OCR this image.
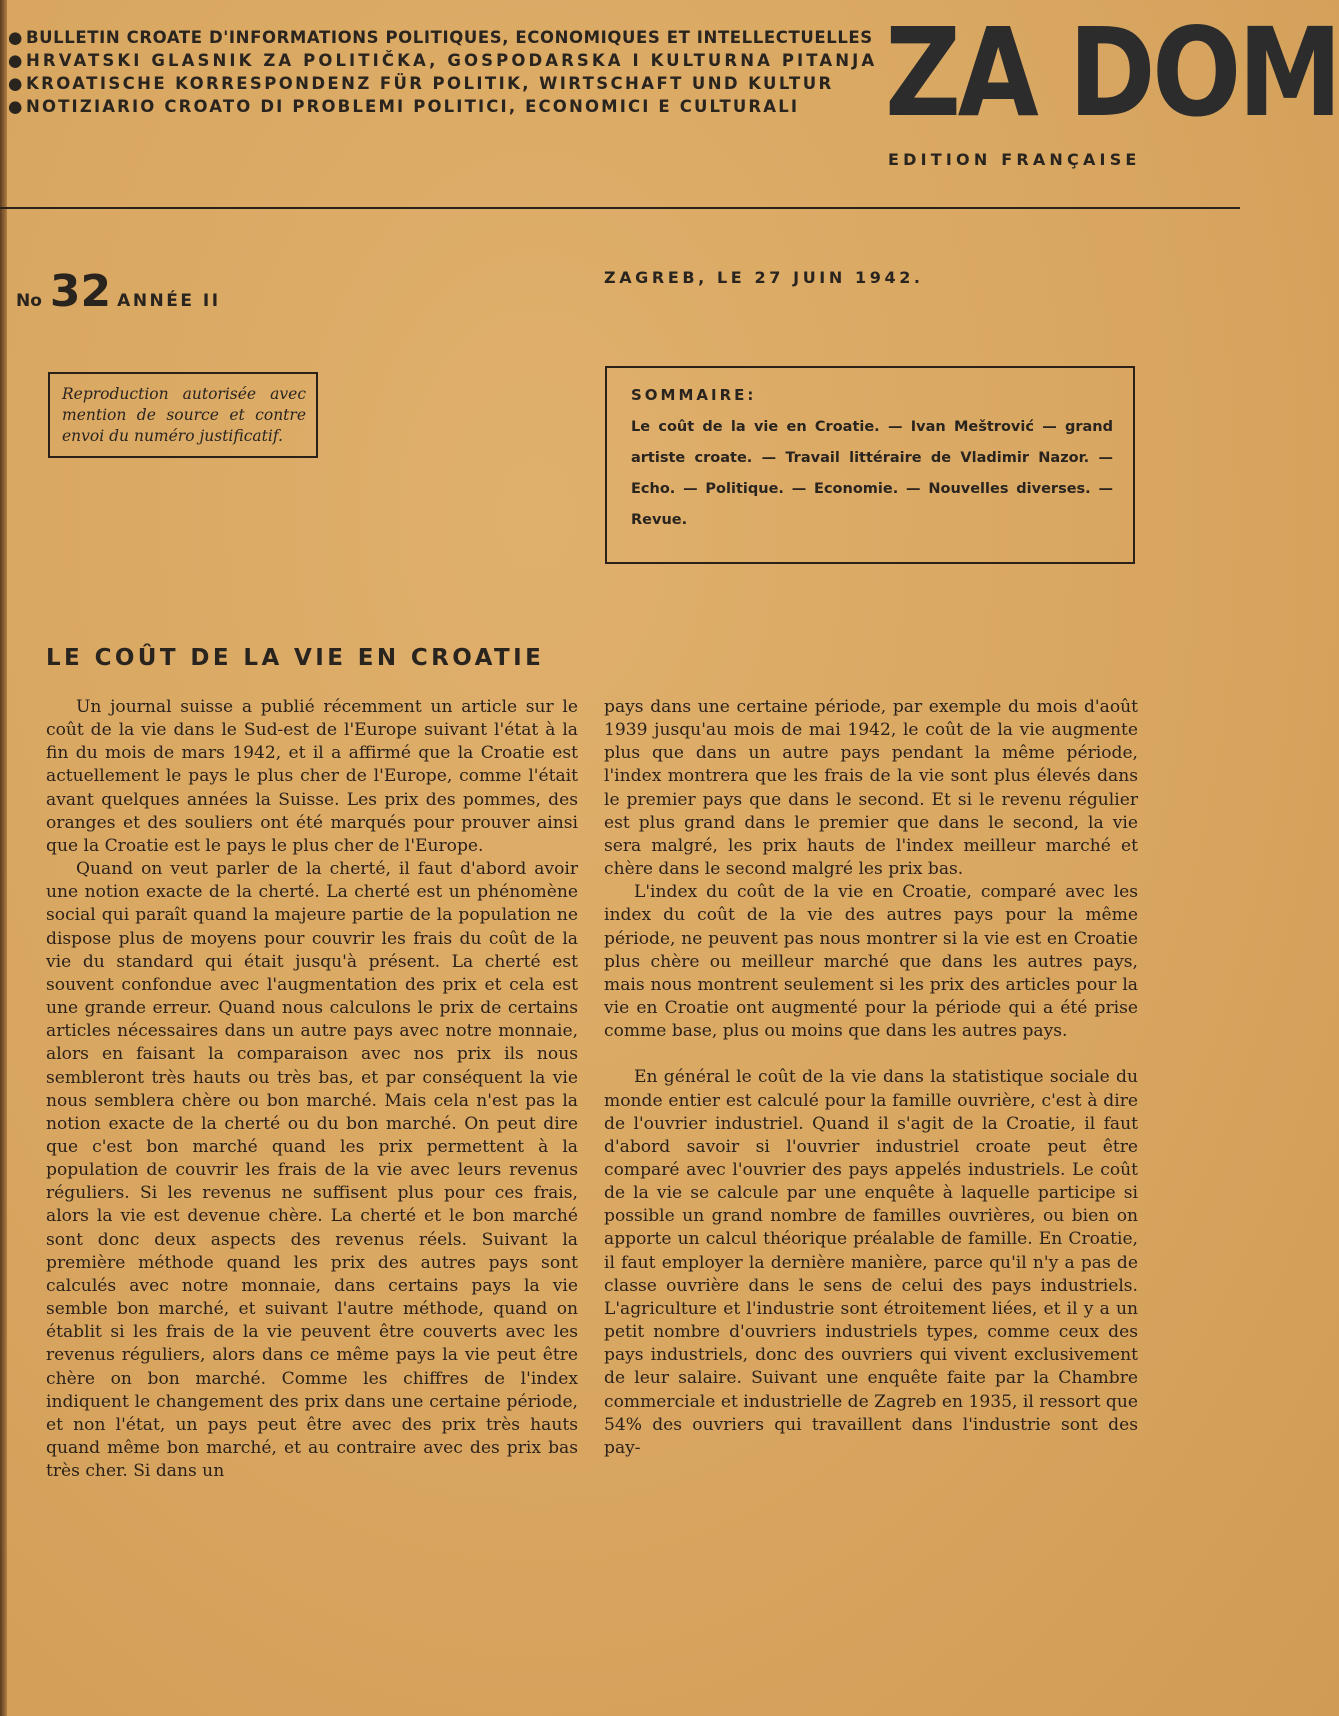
● BULLETIN CROATE D'INFORMATIONS POLITIQUES, ECONOMIQUES ET INTELLECTUELLES
●HRVATSKI GLASNIK ZA POLITIČKA, GOSPODARSKA I KULTURNA PITANJA
●KROATISCHE KORRESPONDENZ FÜR POLITIK, WIRTSCHAFT UND KULTUR
●NOTIZIARIO CROATO DI PROBLEMI POLITICI, ECONOMICI E CULTURALI ZA DOM
EDITION FRANÇAISE
No 32 ANNÉE II
ZAGREB, LE 27 JUIN 1942.
Reproduction autorisée avec mention de source et contre envoi du numéro justificatif.
SOMMAIRE:
Le coût de la vie en Croatie. — Ivan Meštrović — grand artiste croate. — Travail littéraire de Vladimir Nazor. — Echo. — Politique. — Economie. — Nouvelles diverses. — Revue.
LE COÛT DE LA VIE EN CROATIE

Un journal suisse a publié récemment un article sur le coût de la vie dans le Sud-est de l'Europe suivant l'état à la fin du mois de mars 1942, et il a affirmé que la Croatie est actuellement le pays le plus cher de l'Europe, comme l'était avant quelques années la Suisse. Les prix des pommes, des oranges et des souliers ont été marqués pour prouver ainsi que la Croatie est le pays le plus cher de l'Europe.

Quand on veut parler de la cherté, il faut d'abord avoir une notion exacte de la cherté. La cherté est un phénomène social qui paraît quand la majeure partie de la population ne dispose plus de moyens pour couvrir les frais du coût de la vie du standard qui était jusqu'à présent. La cherté est souvent confondue avec l'augmentation des prix et cela est une grande erreur. Quand nous calculons le prix de certains articles nécessaires dans un autre pays avec notre monnaie, alors en faisant la comparaison avec nos prix ils nous sembleront très hauts ou très bas, et par conséquent la vie nous semblera chère ou bon marché. Mais cela n'est pas la notion exacte de la cherté ou du bon marché. On peut dire que c'est bon marché quand les prix permettent à la population de couvrir les frais de la vie avec leurs revenus réguliers. Si les revenus ne suffisent plus pour ces frais, alors la vie est devenue chère. La cherté et le bon marché sont donc deux aspects des revenus réels. Suivant la première méthode quand les prix des autres pays sont calculés avec notre monnaie, dans certains pays la vie semble bon marché, et suivant l'autre méthode, quand on établit si les frais de la vie peuvent être couverts avec les revenus réguliers, alors dans ce même pays la vie peut être chère on bon marché. Comme les chiffres de l'index indiquent le changement des prix dans une certaine période, et non l'état, un pays peut être avec des prix très hauts quand même bon marché, et au contraire avec des prix bas très cher. Si dans un

pays dans une certaine période, par exemple du mois d'août 1939 jusqu'au mois de mai 1942, le coût de la vie augmente plus que dans un autre pays pendant la même période, l'index montrera que les frais de la vie sont plus élevés dans le premier pays que dans le second. Et si le revenu régulier est plus grand dans le premier que dans le second, la vie sera malgré, les prix hauts de l'index meilleur marché et chère dans le second malgré les prix bas.

L'index du coût de la vie en Croatie, comparé avec les index du coût de la vie des autres pays pour la même période, ne peuvent pas nous montrer si la vie est en Croatie plus chère ou meilleur marché que dans les autres pays, mais nous montrent seulement si les prix des articles pour la vie en Croatie ont augmenté pour la période qui a été prise comme base, plus ou moins que dans les autres pays.

En général le coût de la vie dans la statistique sociale du monde entier est calculé pour la famille ouvrière, c'est à dire de l'ouvrier industriel. Quand il s'agit de la Croatie, il faut d'abord savoir si l'ouvrier industriel croate peut être comparé avec l'ouvrier des pays appelés industriels. Le coût de la vie se calcule par une enquête à laquelle participe si possible un grand nombre de familles ouvrières, ou bien on apporte un calcul théorique préalable de famille. En Croatie, il faut employer la dernière manière, parce qu'il n'y a pas de classe ouvrière dans le sens de celui des pays industriels. L'agriculture et l'industrie sont étroitement liées, et il y a un petit nombre d'ouvriers industriels types, comme ceux des pays industriels, donc des ouvriers qui vivent exclusivement de leur salaire. Suivant une enquête faite par la Chambre commerciale et industrielle de Zagreb en 1935, il ressort que 54% des ouvriers qui travaillent dans l'industrie sont des pay-
